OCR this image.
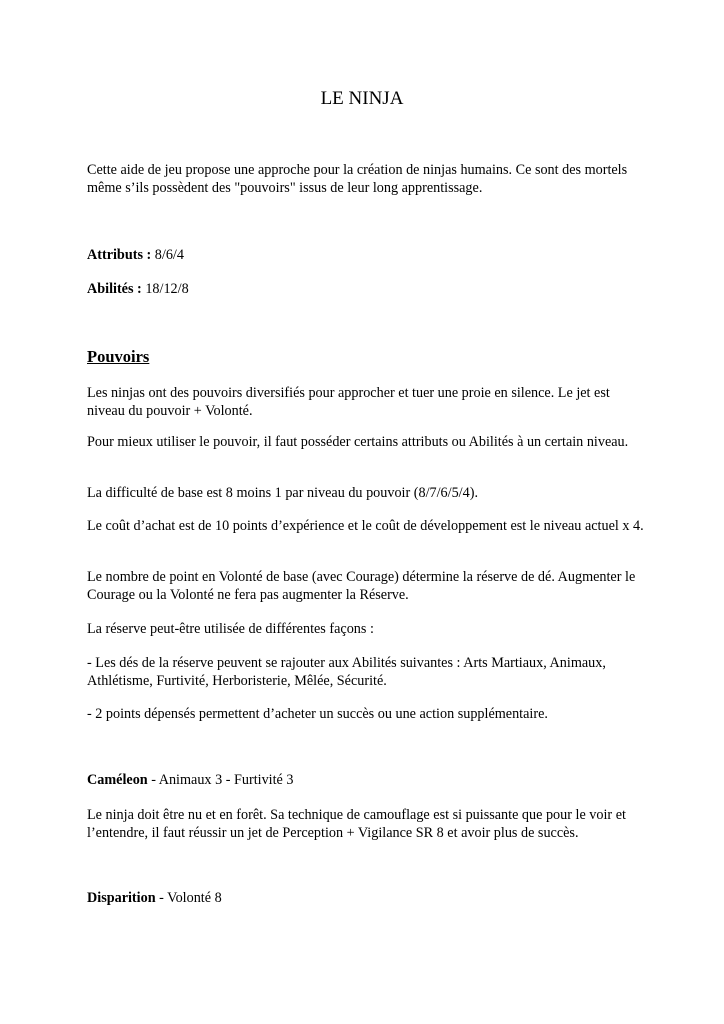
LE NINJA

Cette aide de jeu propose une approche pour la création de ninjas humains. Ce sont des mortels même s’ils possèdent des "pouvoirs" issus de leur long apprentissage.

Attributs : 8/6/4

Abilités : 18/12/8

Pouvoirs

Les ninjas ont des pouvoirs diversifiés pour approcher et tuer une proie en silence. Le jet est niveau du pouvoir + Volonté.

Pour mieux utiliser le pouvoir, il faut posséder certains attributs ou Abilités à un certain niveau.

La difficulté de base est 8 moins 1 par niveau du pouvoir (8/7/6/5/4).

Le coût d’achat est de 10 points d’expérience et le coût de développement est le niveau actuel x 4.

Le nombre de point en Volonté de base (avec Courage) détermine la réserve de dé. Augmenter le Courage ou la Volonté ne fera pas augmenter la Réserve.

La réserve peut-être utilisée de différentes façons :

- Les dés de la réserve peuvent se rajouter aux Abilités suivantes : Arts Martiaux, Animaux, Athlétisme, Furtivité, Herboristerie, Mêlée, Sécurité.

- 2 points dépensés permettent d’acheter un succès ou une action supplémentaire.

Caméleon - Animaux 3 - Furtivité 3

Le ninja doit être nu et en forêt. Sa technique de camouflage est si puissante que pour le voir et l’entendre, il faut réussir un jet de Perception + Vigilance SR 8 et avoir plus de succès.

Disparition - Volonté 8
